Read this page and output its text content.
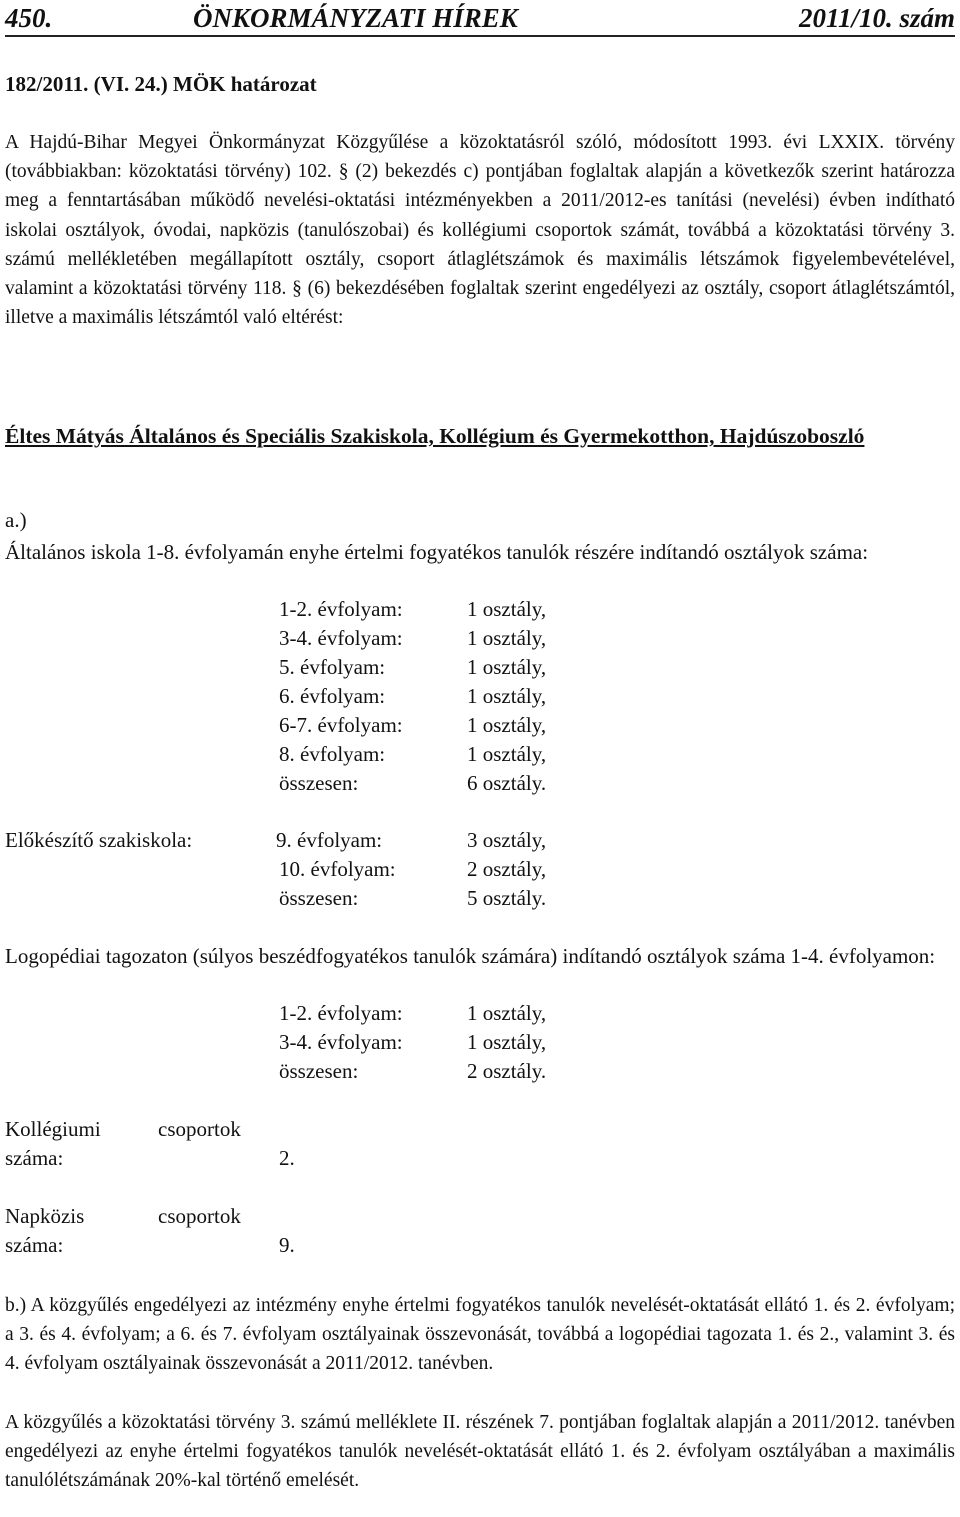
450.	ÖNKORMÁNYZATI HÍREK	2011/10. szám
182/2011. (VI. 24.) MÖK határozat

A Hajdú-Bihar Megyei Önkormányzat Közgyűlése a közoktatásról szóló, módosított 1993. évi LXXIX. törvény (továbbiakban: közoktatási törvény) 102. § (2) bekezdés c) pontjában foglaltak alapján a következők szerint határozza meg a fenntartásában működő nevelési-oktatási intézményekben a 2011/2012-es tanítási (nevelési) évben indítható iskolai osztályok, óvodai, napközis (tanulószobai) és kollégiumi csoportok számát, továbbá a közoktatási törvény 3. számú mellékletében megállapított osztály, csoport átlaglétszámok és maximális létszámok figyelembevételével, valamint a közoktatási törvény 118. § (6) bekezdésében foglaltak szerint engedélyezi az osztály, csoport átlaglétszámtól, illetve a maximális létszámtól való eltérést:

Éltes Mátyás Általános és Speciális Szakiskola, Kollégium és Gyermekotthon, Hajdúszoboszló

a.)

Általános iskola 1-8. évfolyamán enyhe értelmi fogyatékos tanulók részére indítandó osztályok száma:

1-2. évfolyam:	1 osztály,
3-4. évfolyam:	1 osztály,
5. évfolyam:	1 osztály,
6. évfolyam:	1 osztály,
6-7. évfolyam:	1 osztály,
8. évfolyam:	1 osztály,
összesen:	6 osztály.
Előkészítő szakiskola:	9. évfolyam:	3 osztály,
10. évfolyam:	2 osztály,
összesen:	5 osztály.

Logopédiai tagozaton (súlyos beszédfogyatékos tanulók számára) indítandó osztályok száma 1-4. évfolyamon:

1-2. évfolyam:	1 osztály,
3-4. évfolyam:	1 osztály,
összesen:	2 osztály.
Kollégiumi	csoportok
száma:	2.
Napközis	csoportok
száma:	9.

b.) A közgyűlés engedélyezi az intézmény enyhe értelmi fogyatékos tanulók nevelését-oktatását ellátó 1. és 2. évfolyam; a 3. és 4. évfolyam; a 6. és 7. évfolyam osztályainak összevonását, továbbá a logopédiai tagozata 1. és 2., valamint 3. és 4. évfolyam osztályainak összevonását a 2011/2012. tanévben.

A közgyűlés a közoktatási törvény 3. számú melléklete II. részének 7. pontjában foglaltak alapján a 2011/2012. tanévben engedélyezi az enyhe értelmi fogyatékos tanulók nevelését-oktatását ellátó 1. és 2. évfolyam osztályában a maximális tanulólétszámának 20%-kal történő emelését.
